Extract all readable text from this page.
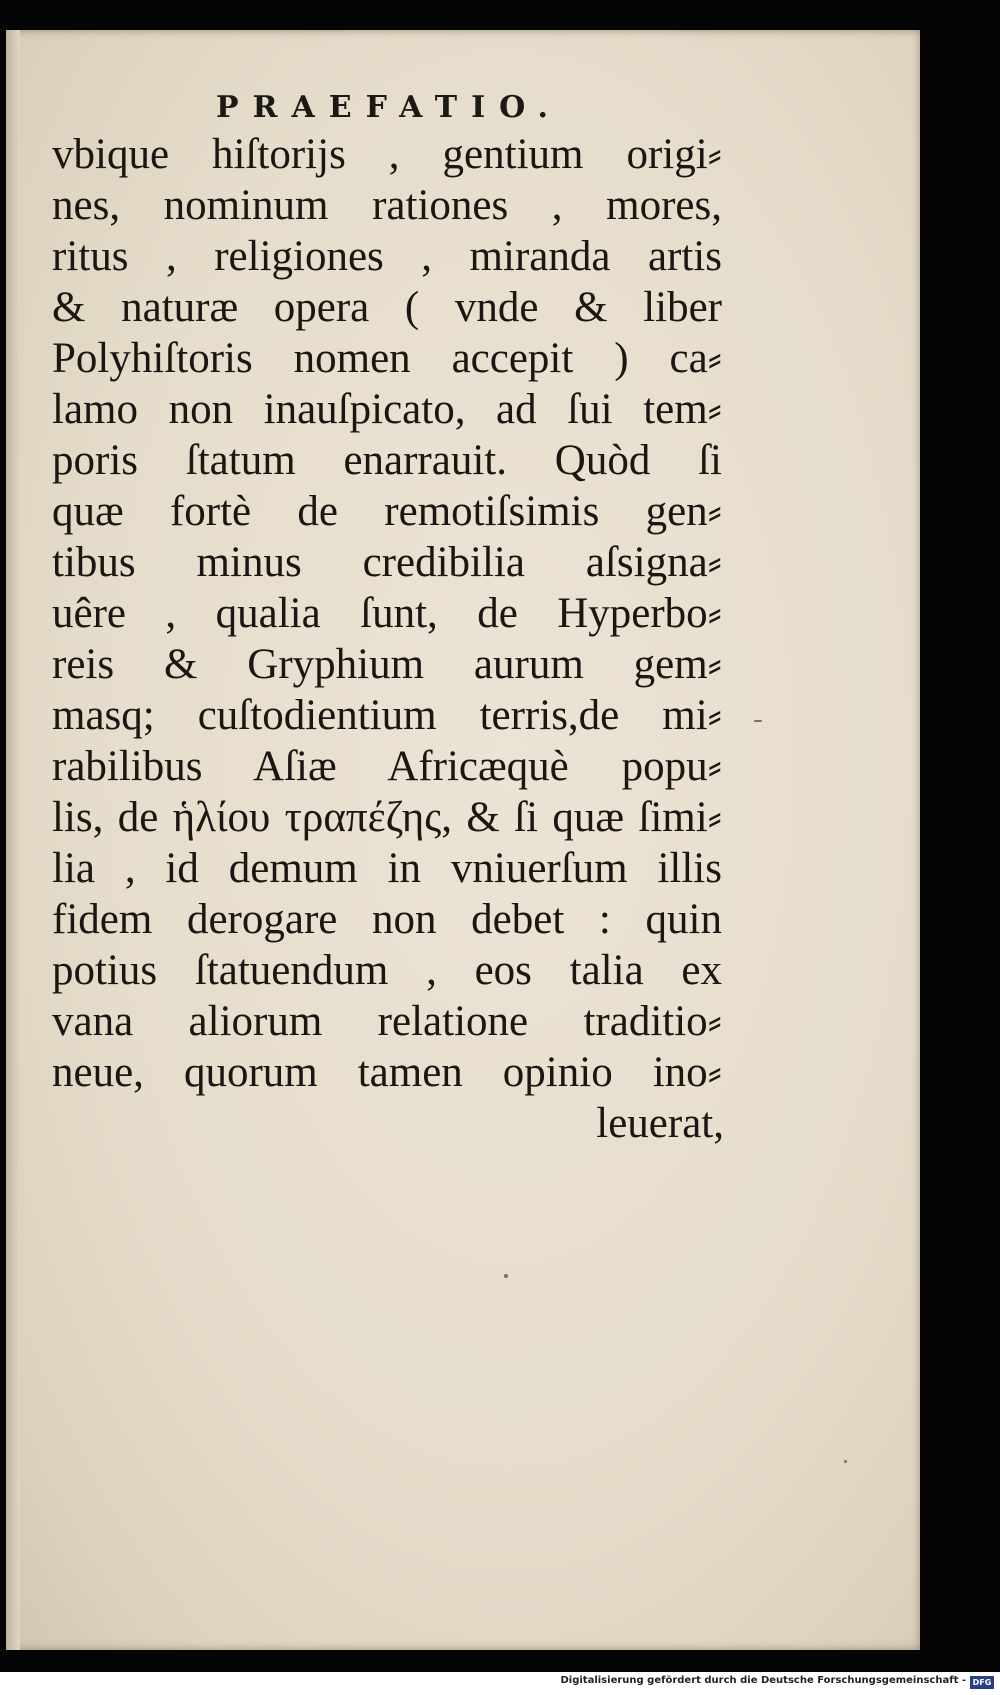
PRAEFATIO.
vbique hiſtorijs , gentium origi⸗
nes, nominum rationes , mores,
ritus , religiones , miranda artis
& naturæ opera ( vnde & liber
Polyhiſtoris nomen accepit ) ca⸗
lamo non inauſpicato, ad ſui tem⸗
poris ſtatum enarrauit. Quòd ſi
quæ fortè de remotiſsimis gen⸗
tibus minus credibilia aſsigna⸗
uêre , qualia ſunt, de Hyperbo⸗
reis & Gryphium aurum gem⸗
masq; cuſtodientium terris,de mi⸗
rabilibus Aſiæ Africæquè popu⸗
lis, de ἡλίου τραπέζης, & ſi quæ ſimi⸗
lia , id demum in vniuerſum illis
fidem derogare non debet : quin
potius ſtatuendum , eos talia ex
vana aliorum relatione traditio⸗
neue, quorum tamen opinio ino⸗
leuerat,
Digitalisierung gefördert durch die Deutsche Forschungsgemeinschaft - DFG
